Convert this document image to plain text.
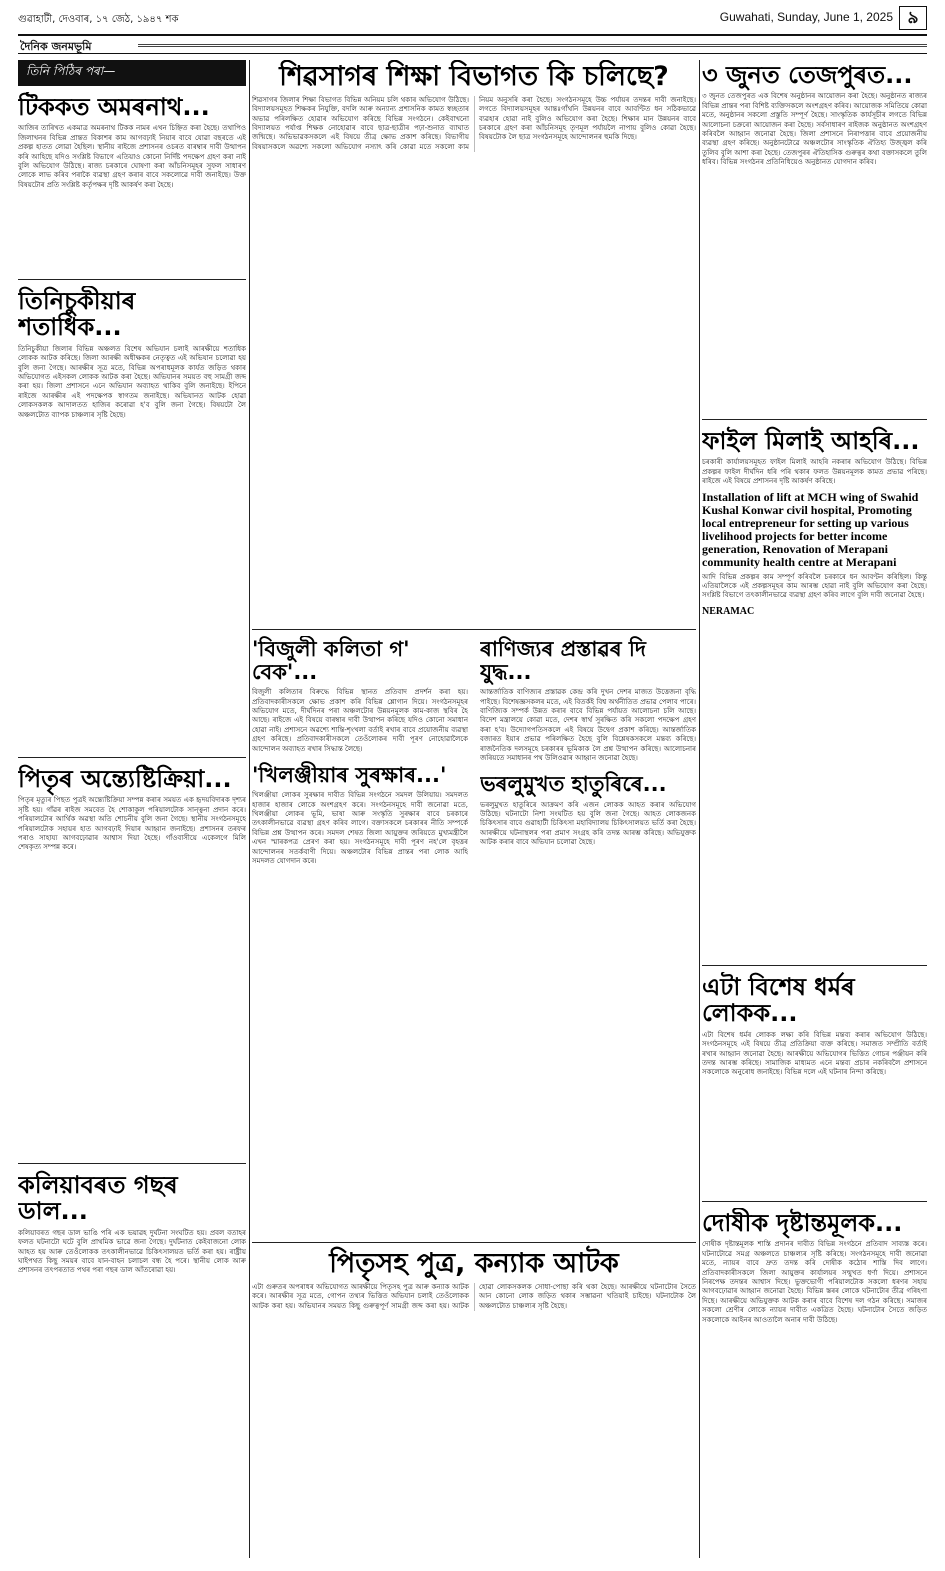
গুৱাহাটী, দেওবাৰ, ১৭ জেঠ, ১৯৪৭ শক	Guwahati, Sunday, June 1, 2025 ৯
দৈনিক জনমভূমি
তিনি পিঠিৰ পৰা—
টিককত অমৰনাথ...
আজিৰ তাৰিখত একমাত্ৰ অমৰনাথ টিকক নামৰ এখন চিহ্নিত কৰা হৈছে। তথাপিও জিলাখনৰ বিভিন্ন প্ৰান্তত বিকাশৰ কাম আগবঢ়াই নিয়াৰ বাবে যোৱা বছৰতে এই প্ৰকল্প হাতত লোৱা হৈছিল। স্থানীয় ৰাইজে প্ৰশাসনৰ ওচৰত বাৰম্বাৰ দাবী উত্থাপন কৰি আহিছে যদিও সংশ্লিষ্ট বিভাগে এতিয়াও কোনো নিৰ্দিষ্ট পদক্ষেপ গ্ৰহণ কৰা নাই বুলি অভিযোগ উঠিছে। ৰাজ্য চৰকাৰে ঘোষণা কৰা আঁচনিসমূহৰ সুফল সাধাৰণ লোকে লাভ কৰিব পৰাকৈ ব্যৱস্থা গ্ৰহণ কৰাৰ বাবে সকলোৱে দাবী জনাইছে। উক্ত বিষয়টোৰ প্ৰতি সংশ্লিষ্ট কৰ্তৃপক্ষৰ দৃষ্টি আকৰ্ষণ কৰা হৈছে।
তিনিচুকীয়াৰ শতাধিক...
তিনিচুকীয়া জিলাৰ বিভিন্ন অঞ্চলত বিশেষ অভিযান চলাই আৰক্ষীয়ে শতাধিক লোকক আটক কৰিছে। জিলা আৰক্ষী অধীক্ষকৰ নেতৃত্বত এই অভিযান চলোৱা হয় বুলি জনা গৈছে। আৰক্ষীৰ সূত্ৰ মতে, বিভিন্ন অপৰাধমূলক কাৰ্যত জড়িত থকাৰ অভিযোগত এইসকল লোকক আটক কৰা হৈছে। অভিযানৰ সময়ত বহু সামগ্ৰী জব্দ কৰা হয়। জিলা প্ৰশাসনে এনে অভিযান অব্যাহত থাকিব বুলি জনাইছে। ইপিনে ৰাইজে আৰক্ষীৰ এই পদক্ষেপক স্বাগতম জনাইছে। অভিযানত আটক হোৱা লোকসকলক আদালতত হাজিৰ কৰোৱা হ'ব বুলি জনা গৈছে। বিষয়টো লৈ অঞ্চলটোত ব্যাপক চাঞ্চল্যৰ সৃষ্টি হৈছে।
পিতৃৰ অন্ত্যেষ্টিক্ৰিয়া...
পিতৃৰ মৃত্যুৰ পিছত পুত্ৰই অন্ত্যেষ্টিক্ৰিয়া সম্পন্ন কৰাৰ সময়ত এক হৃদয়বিদাৰক দৃশ্যৰ সৃষ্টি হয়। গাঁৱৰ ৰাইজ সমবেত হৈ শোকাকুল পৰিয়ালটোক সান্ত্বনা প্ৰদান কৰে। পৰিয়ালটোৰ আৰ্থিক অৱস্থা অতি শোচনীয় বুলি জনা গৈছে। স্থানীয় সংগঠনসমূহে পৰিয়ালটোক সহায়ৰ হাত আগবঢ়াই দিয়াৰ আহ্বান জনাইছে। প্ৰশাসনৰ তৰফৰ পৰাও সাহায্য আগবঢ়োৱাৰ আশ্বাস দিয়া হৈছে। গাঁওবাসীয়ে একেলগে মিলি শেষকৃত্য সম্পন্ন কৰে।
কলিয়াবৰত গছৰ ডাল...
কলিয়াবৰত গছৰ ডাল ভাঙি পৰি এক ভয়াৱহ দুৰ্ঘটনা সংঘটিত হয়। প্ৰবল বতাহৰ ফলত ঘটনাটো ঘটে বুলি প্ৰাথমিক ভাৱে জনা গৈছে। দুৰ্ঘটনাত কেইবাজনো লোক আহত হয় আৰু তেওঁলোকক তৎকালীনভাৱে চিকিৎসালয়ত ভৰ্তি কৰা হয়। ৰাষ্ট্ৰীয় ঘাইপথত কিছু সময়ৰ বাবে যান-বাহন চলাচল বন্ধ হৈ পৰে। স্থানীয় লোক আৰু প্ৰশাসনৰ তৎপৰতাত পথৰ পৰা গছৰ ডাল আঁতৰোৱা হয়।
শিৱসাগৰ শিক্ষা বিভাগত কি চলিছে?
শিৱসাগৰ জিলাৰ শিক্ষা বিভাগত বিভিন্ন অনিয়ম চলি থকাৰ অভিযোগ উঠিছে। বিদ্যালয়সমূহত শিক্ষকৰ নিযুক্তি, বদলি আৰু অন্যান্য প্ৰশাসনিক কামত স্বচ্ছতাৰ অভাৱ পৰিলক্ষিত হোৱাৰ অভিযোগ কৰিছে বিভিন্ন সংগঠনে। কেইবাখনো বিদ্যালয়ত পৰ্যাপ্ত শিক্ষক নোহোৱাৰ বাবে ছাত্ৰ-ছাত্ৰীৰ পঢ়া-শুনাত ব্যাঘাত জন্মিছে। অভিভাৱকসকলে এই বিষয়ে তীব্ৰ ক্ষোভ প্ৰকাশ কৰিছে। বিভাগীয় বিষয়াসকলে অৱশ্যে সকলো অভিযোগ নস্যাৎ কৰি কোৱা মতে সকলো কাম নিয়ম অনুসৰি কৰা হৈছে। সংগঠনসমূহে উচ্চ পৰ্যায়ৰ তদন্তৰ দাবী জনাইছে। লগতে বিদ্যালয়সমূহৰ আন্তঃগাঁথনি উন্নয়নৰ বাবে আবণ্টিত ধন সঠিকভাৱে ব্যৱহাৰ হোৱা নাই বুলিও অভিযোগ কৰা হৈছে। শিক্ষাৰ মান উন্নয়নৰ বাবে চৰকাৰে গ্ৰহণ কৰা আঁচনিসমূহ তৃণমূল পৰ্যায়লৈ নাপায় বুলিও কোৱা হৈছে। বিষয়টোক লৈ ছাত্ৰ সংগঠনসমূহে আন্দোলনৰ হুমকি দিছে।
'বিজুলী কলিতা গ' বেক'...
বিজুলী কলিতাৰ বিৰুদ্ধে বিভিন্ন স্থানত প্ৰতিবাদ প্ৰদৰ্শন কৰা হয়। প্ৰতিবাদকাৰীসকলে ক্ষোভ প্ৰকাশ কৰি বিভিন্ন শ্লোগান দিয়ে। সংগঠনসমূহৰ অভিযোগ মতে, দীৰ্ঘদিনৰ পৰা অঞ্চলটোৰ উন্নয়নমূলক কাম-কাজ স্থবিৰ হৈ আছে। ৰাইজে এই বিষয়ে বাৰম্বাৰ দাবী উত্থাপন কৰিছে যদিও কোনো সমাধান হোৱা নাই। প্ৰশাসনে অৱশ্যে শান্তি-শৃংখলা বৰ্তাই ৰখাৰ বাবে প্ৰয়োজনীয় ব্যৱস্থা গ্ৰহণ কৰিছে। প্ৰতিবাদকাৰীসকলে তেওঁলোকৰ দাবী পূৰণ নোহোৱালৈকে আন্দোলন অব্যাহত ৰখাৰ সিদ্ধান্ত লৈছে।
'খিলঞ্জীয়াৰ সুৰক্ষাৰ...'
খিলঞ্জীয়া লোকৰ সুৰক্ষাৰ দাবীত বিভিন্ন সংগঠনে সমদল উলিয়ায়। সমদলত হাজাৰ হাজাৰ লোকে অংশগ্ৰহণ কৰে। সংগঠনসমূহে দাবী জনোৱা মতে, খিলঞ্জীয়া লোকৰ ভূমি, ভাষা আৰু সংস্কৃতি সুৰক্ষাৰ বাবে চৰকাৰে তৎকালীনভাৱে ব্যৱস্থা গ্ৰহণ কৰিব লাগে। বক্তাসকলে চৰকাৰৰ নীতি সম্পৰ্কে বিভিন্ন প্ৰশ্ন উত্থাপন কৰে। সমদল শেষত জিলা আয়ুক্তৰ জৰিয়তে মুখ্যমন্ত্ৰীলৈ এখন স্মাৰকপত্ৰ প্ৰেৰণ কৰা হয়। সংগঠনসমূহে দাবী পূৰণ নহ'লে বৃহত্তৰ আন্দোলনৰ সতৰ্কবাণী দিয়ে। অঞ্চলটোৰ বিভিন্ন প্ৰান্তৰ পৰা লোক আহি সমদলত যোগদান কৰে।
ৰাণিজ্যৰ প্ৰস্তাৱৰ দি যুদ্ধ...
আন্তৰ্জাতিক বাণিজ্যৰ প্ৰস্তাৱক কেন্দ্ৰ কৰি দুখন দেশৰ মাজত উত্তেজনা বৃদ্ধি পাইছে। বিশেষজ্ঞসকলৰ মতে, এই বিতৰ্কই বিশ্ব অৰ্থনীতিত প্ৰভাৱ পেলাব পাৰে। বাণিজ্যিক সম্পৰ্ক উন্নত কৰাৰ বাবে বিভিন্ন পৰ্যায়ত আলোচনা চলি আছে। বিদেশ মন্ত্ৰালয়ে কোৱা মতে, দেশৰ স্বাৰ্থ সুৰক্ষিত কৰি সকলো পদক্ষেপ গ্ৰহণ কৰা হ'ব। উদ্যোগপতিসকলে এই বিষয়ে উদ্বেগ প্ৰকাশ কৰিছে। আন্তৰ্জাতিক বজাৰত ইয়াৰ প্ৰভাৱ পৰিলক্ষিত হৈছে বুলি বিশ্লেষকসকলে মন্তব্য কৰিছে। ৰাজনৈতিক দলসমূহে চৰকাৰৰ ভূমিকাক লৈ প্ৰশ্ন উত্থাপন কৰিছে। আলোচনাৰ জৰিয়তে সমাধানৰ পথ উলিওৱাৰ আহ্বান জনোৱা হৈছে।
ভৰলুমুখত হাতুৰিৰে...
ভৰলুমুখত হাতুৰিৰে আক্ৰমণ কৰি এজন লোকক আহত কৰাৰ অভিযোগ উঠিছে। ঘটনাটো নিশা সংঘটিত হয় বুলি জনা গৈছে। আহত লোকজনক চিকিৎসাৰ বাবে গুৱাহাটী চিকিৎসা মহাবিদ্যালয় চিকিৎসালয়ত ভৰ্তি কৰা হৈছে। আৰক্ষীয়ে ঘটনাস্থলৰ পৰা প্ৰমাণ সংগ্ৰহ কৰি তদন্ত আৰম্ভ কৰিছে। অভিযুক্তক আটক কৰাৰ বাবে অভিযান চলোৱা হৈছে।
পিতৃসহ পুত্ৰ, কন্যাক আটক
এটা গুৰুতৰ অপৰাধৰ অভিযোগত আৰক্ষীয়ে পিতৃসহ পুত্ৰ আৰু কন্যাক আটক কৰে। আৰক্ষীৰ সূত্ৰ মতে, গোপন তথ্যৰ ভিত্তিত অভিযান চলাই তেওঁলোকক আটক কৰা হয়। অভিযানৰ সময়ত কিছু গুৰুত্বপূৰ্ণ সামগ্ৰী জব্দ কৰা হয়। আটক হোৱা লোকসকলক সোধা-পোছা কৰি থকা হৈছে। আৰক্ষীয়ে ঘটনাটোৰ সৈতে আন কোনো লোক জড়িত থকাৰ সম্ভাৱনা খতিয়াই চাইছে। ঘটনাটোক লৈ অঞ্চলটোত চাঞ্চল্যৰ সৃষ্টি হৈছে।
৩ জুনত তেজপুৰত...
৩ জুনত তেজপুৰত এক বিশেষ অনুষ্ঠানৰ আয়োজন কৰা হৈছে। অনুষ্ঠানত ৰাজ্যৰ বিভিন্ন প্ৰান্তৰ পৰা বিশিষ্ট ব্যক্তিসকলে অংশগ্ৰহণ কৰিব। আয়োজক সমিতিয়ে কোৱা মতে, অনুষ্ঠানৰ সকলো প্ৰস্তুতি সম্পূৰ্ণ হৈছে। সাংস্কৃতিক কাৰ্যসূচীৰ লগতে বিভিন্ন আলোচনা চক্ৰৰো আয়োজন কৰা হৈছে। সৰ্বসাধাৰণ ৰাইজক অনুষ্ঠানত অংশগ্ৰহণ কৰিবলৈ আহ্বান জনোৱা হৈছে। জিলা প্ৰশাসনে নিৰাপত্তাৰ বাবে প্ৰয়োজনীয় ব্যৱস্থা গ্ৰহণ কৰিছে। অনুষ্ঠানটোৱে অঞ্চলটোৰ সাংস্কৃতিক ঐতিহ্য উজ্জ্বল কৰি তুলিব বুলি আশা কৰা হৈছে। তেজপুৰৰ ঐতিহাসিক গুৰুত্বৰ কথা বক্তাসকলে তুলি ধৰিব। বিভিন্ন সংগঠনৰ প্ৰতিনিধিয়েও অনুষ্ঠানত যোগদান কৰিব।
ফাইল মিলাই আহৰি...
চৰকাৰী কাৰ্যালয়সমূহত ফাইল মিলাই আহৰি নকৰাৰ অভিযোগ উঠিছে। বিভিন্ন প্ৰকল্পৰ ফাইল দীৰ্ঘদিন ধৰি পৰি থকাৰ ফলত উন্নয়নমূলক কামত প্ৰভাৱ পৰিছে। ৰাইজে এই বিষয়ে প্ৰশাসনৰ দৃষ্টি আকৰ্ষণ কৰিছে।
Installation of lift at MCH wing of Swahid Kushal Konwar civil hospital, Promoting local entrepreneur for setting up various livelihood projects for better income generation, Renovation of Merapani community health centre at Merapani
আদি বিভিন্ন প্ৰকল্পৰ কাম সম্পূৰ্ণ কৰিবলৈ চৰকাৰে ধন আবণ্টন কৰিছিল। কিন্তু এতিয়ালৈকে এই প্ৰকল্পসমূহৰ কাম আৰম্ভ হোৱা নাই বুলি অভিযোগ কৰা হৈছে। সংশ্লিষ্ট বিভাগে তৎকালীনভাৱে ব্যৱস্থা গ্ৰহণ কৰিব লাগে বুলি দাবী জনোৱা হৈছে।
NERAMAC
এটা বিশেষ ধৰ্মৰ লোকক...
এটা বিশেষ ধৰ্মৰ লোকক লক্ষ্য কৰি বিভিন্ন মন্তব্য কৰাৰ অভিযোগ উঠিছে। সংগঠনসমূহে এই বিষয়ে তীব্ৰ প্ৰতিক্ৰিয়া ব্যক্ত কৰিছে। সমাজত সম্প্ৰীতি বৰ্তাই ৰখাৰ আহ্বান জনোৱা হৈছে। আৰক্ষীয়ে অভিযোগৰ ভিত্তিত গোচৰ পঞ্জীয়ন কৰি তদন্ত আৰম্ভ কৰিছে। সামাজিক মাধ্যমত এনে মন্তব্য প্ৰচাৰ নকৰিবলৈ প্ৰশাসনে সকলোকে অনুৰোধ জনাইছে। বিভিন্ন দলে এই ঘটনাৰ নিন্দা কৰিছে।
দোষীক দৃষ্টান্তমূলক...
দোষীক দৃষ্টান্তমূলক শাস্তি প্ৰদানৰ দাবীত বিভিন্ন সংগঠনে প্ৰতিবাদ সাব্যস্ত কৰে। ঘটনাটোৱে সমগ্ৰ অঞ্চলতে চাঞ্চল্যৰ সৃষ্টি কৰিছে। সংগঠনসমূহে দাবী জনোৱা মতে, ন্যায়ৰ বাবে দ্ৰুত তদন্ত কৰি দোষীক কঠোৰ শাস্তি দিব লাগে। প্ৰতিবাদকাৰীসকলে জিলা আয়ুক্তৰ কাৰ্যালয়ৰ সন্মুখত ধৰ্ণা দিয়ে। প্ৰশাসনে নিৰপেক্ষ তদন্তৰ আশ্বাস দিছে। ভুক্তভোগী পৰিয়ালটোক সকলো ধৰণৰ সহায় আগবঢ়োৱাৰ আহ্বান জনোৱা হৈছে। বিভিন্ন স্তৰৰ লোকে ঘটনাটোৰ তীব্ৰ গৰিহণা দিছে। আৰক্ষীয়ে অভিযুক্তক আটক কৰাৰ বাবে বিশেষ দল গঠন কৰিছে। সমাজৰ সকলো শ্ৰেণীৰ লোকে ন্যায়ৰ দাবীত একত্ৰিত হৈছে। ঘটনাটোৰ সৈতে জড়িত সকলোকে আইনৰ আওতালৈ অনাৰ দাবী উঠিছে।
